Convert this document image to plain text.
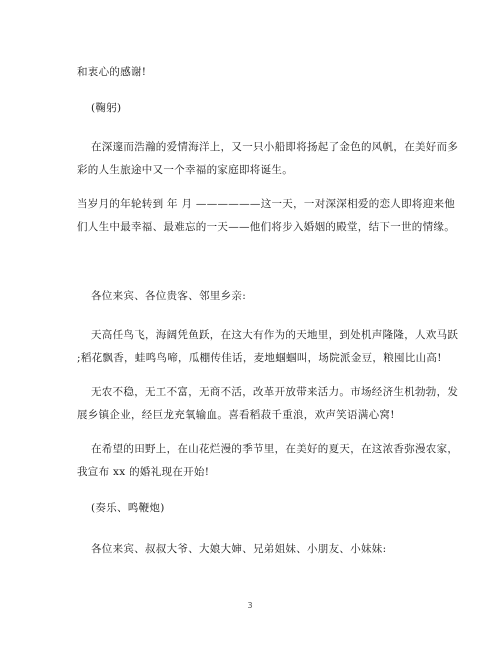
和衷心的感谢!

(鞠躬)

在深邃而浩瀚的爱情海洋上，又一只小船即将扬起了金色的风帆，在美好而多
彩的人生旅途中又一个幸福的家庭即将诞生。

当岁月的年轮转到 年 月 ——————这一天，一对深深相爱的恋人即将迎来他
们人生中最幸福、最难忘的一天——他们将步入婚姻的殿堂，结下一世的情缘。

各位来宾、各位贵客、邻里乡亲:

天高任鸟飞，海阔凭鱼跃，在这大有作为的天地里，到处机声隆隆，人欢马跃
;稻花飘香，蛙鸣鸟啼，瓜棚传佳话，麦地蝈蝈叫，场院派金豆，粮囤比山高!

无农不稳，无工不富，无商不活，改革开放带来活力。市场经济生机勃勃，发
展乡镇企业，经巨龙充氧输血。喜看稻菽千重浪，欢声笑语满心窝!

在希望的田野上，在山花烂漫的季节里，在美好的夏天，在这浓香弥漫农家，
我宣布 xx 的婚礼现在开始!

(奏乐、鸣鞭炮)

各位来宾、叔叔大爷、大娘大婶、兄弟姐妹、小朋友、小妹妹:

3
